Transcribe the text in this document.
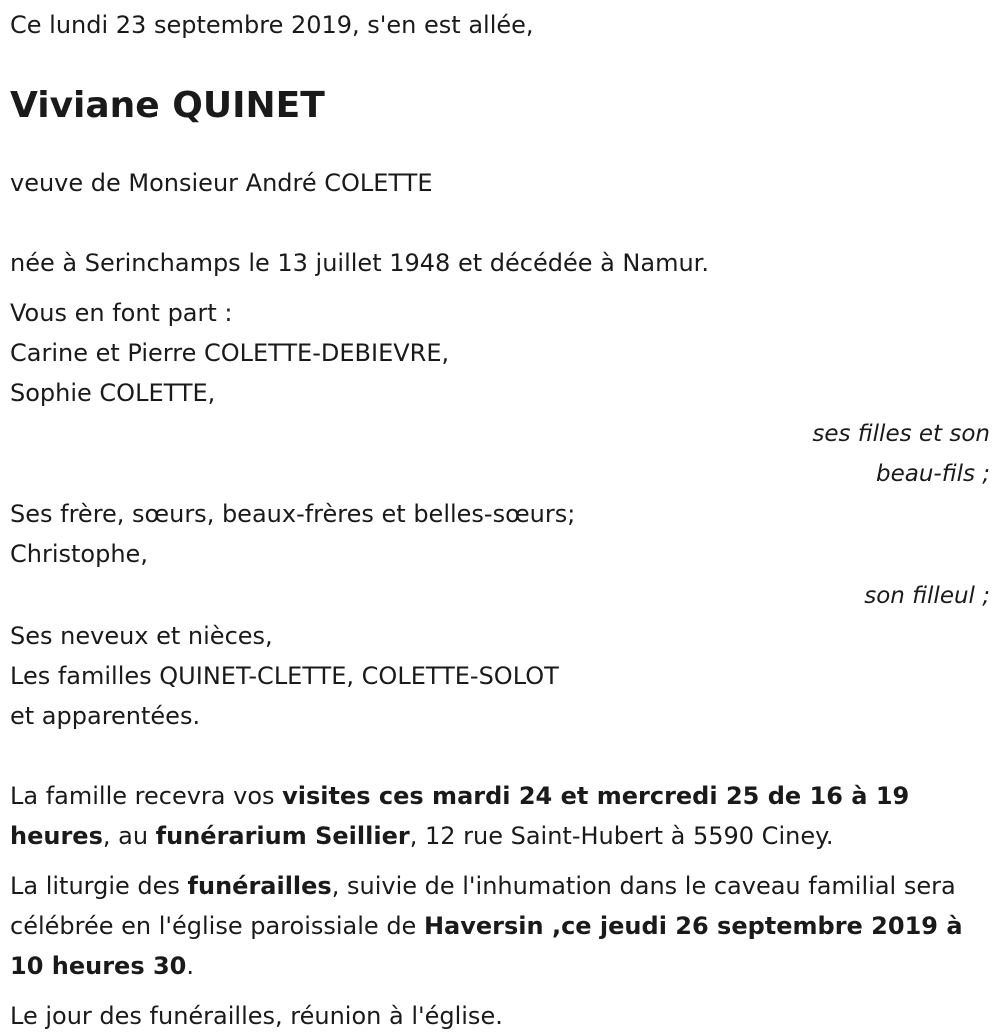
Ce lundi 23 septembre 2019, s'en est allée,

Viviane QUINET

veuve de Monsieur André COLETTE

née à Serinchamps le 13 juillet 1948 et décédée à Namur.

Vous en font part :

Carine et Pierre COLETTE-DEBIEVRE,

Sophie COLETTE,

ses filles et son

beau-fils ;

Ses frère, sœurs, beaux-frères et belles-sœurs;

Christophe,

son filleul ;

Ses neveux et nièces,

Les familles QUINET-CLETTE, COLETTE-SOLOT

et apparentées.

La famille recevra vos visites ces mardi 24 et mercredi 25 de 16 à 19 heures, au funérarium Seillier, 12 rue Saint-Hubert à 5590 Ciney.

La liturgie des funérailles, suivie de l'inhumation dans le caveau familial sera célébrée en l'église paroissiale de Haversin ,ce jeudi 26 septembre 2019 à 10 heures 30.

Le jour des funérailles, réunion à l'église.
